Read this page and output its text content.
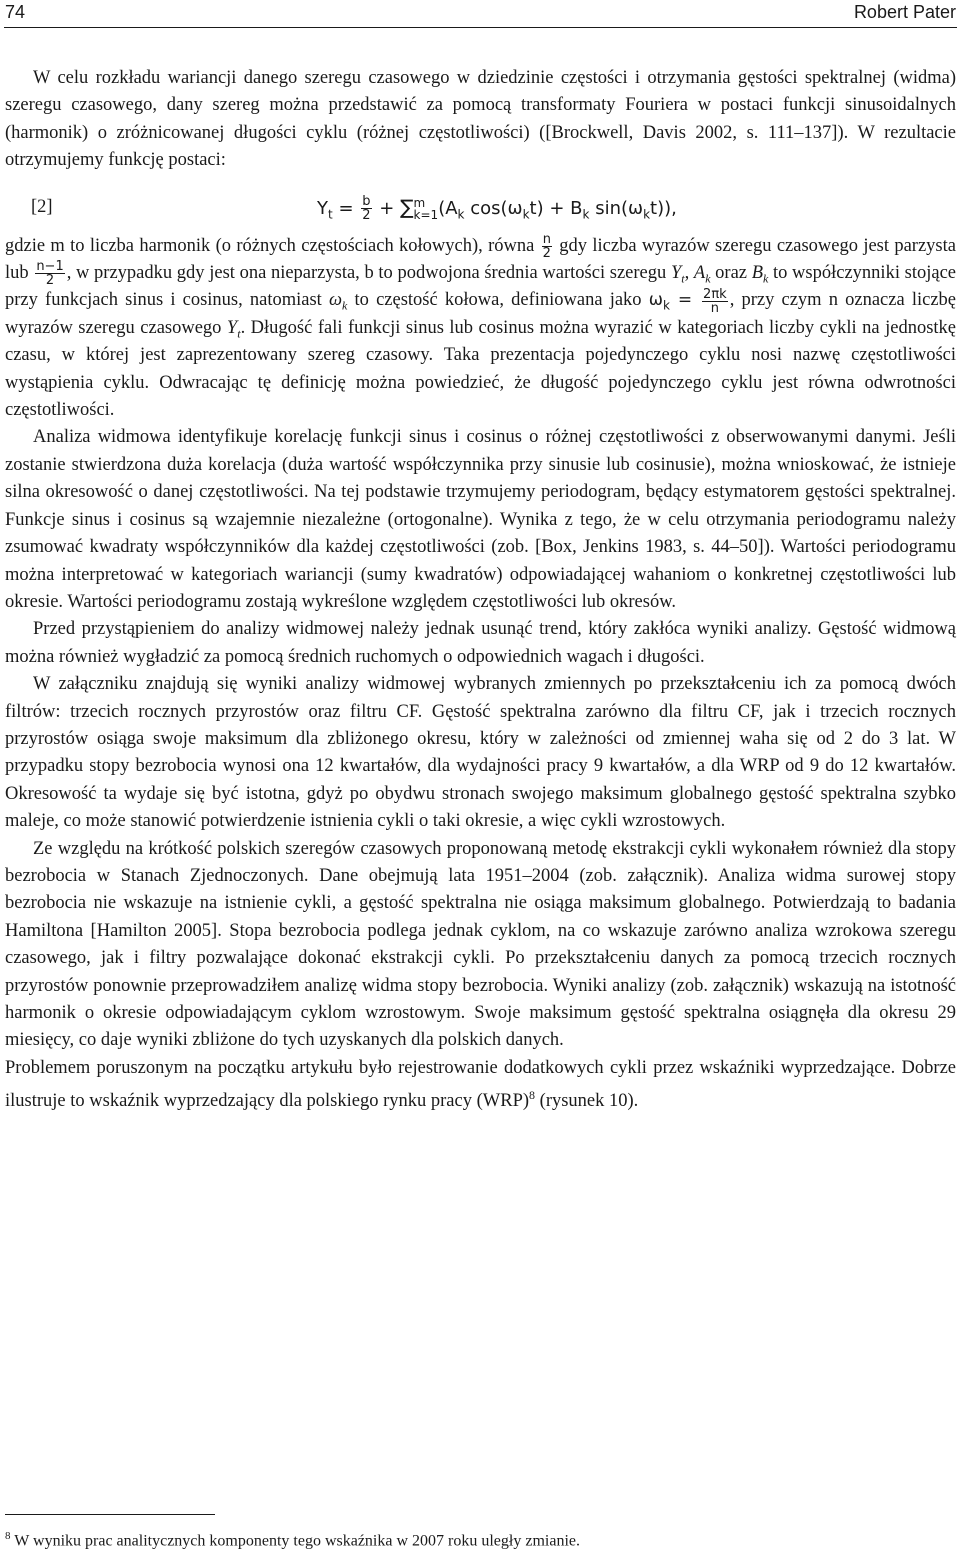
74	Robert Pater

W celu rozkładu wariancji danego szeregu czasowego w dziedzinie częstości i otrzymania gęstości spektralnej (widma) szeregu czasowego, dany szereg można przedstawić za pomocą transformaty Fouriera w postaci funkcji sinusoidalnych (harmonik) o zróżnicowanej długości cyklu (różnej częstotliwości) ([Brockwell, Davis 2002, s. 111–137]). W rezultacie otrzymujemy funkcję postaci:

[2]	$Y_t = \frac{b}{2}$ + ∑ m
k=1 ($A_k$ $\cos(\omega_kt) + B_k$ $\sin(\omega_kt)$),

gdzie m to liczba harmonik (o różnych częstościach kołowych), równa $\frac{n}{2}$ gdy liczba wyrazów szeregu czasowego jest parzysta lub $\frac{n-1}{2}$ , w przypadku gdy jest ona nieparzysta, b to podwojona średnia wartości szeregu $Y_t$, $A_k$ oraz $B_k$ to współczynniki stojące przy funkcjach sinus i cosinus, natomiast $\omega_k$ to częstość kołowa, definiowana jako $\omega_k = \frac{2\pi k}{n}$ , przy czym n oznacza liczbę wyrazów szeregu czasowego $Y_t$. Długość fali funkcji sinus lub cosinus można wyrazić w kategoriach liczby cykli na jednostkę czasu, w której jest zaprezentowany szereg czasowy. Taka prezentacja pojedynczego cyklu nosi nazwę częstotliwości wystąpienia cyklu. Odwracając tę definicję można powiedzieć, że długość pojedynczego cyklu jest równa odwrotności częstotliwości.

Analiza widmowa identyfikuje korelację funkcji sinus i cosinus o różnej częstotliwości z obserwowanymi danymi. Jeśli zostanie stwierdzona duża korelacja (duża wartość współczynnika przy sinusie lub cosinusie), można wnioskować, że istnieje silna okresowość o danej częstotliwości. Na tej podstawie trzymujemy periodogram, będący estymatorem gęstości spektralnej. Funkcje sinus i cosinus są wzajemnie niezależne (ortogonalne). Wynika z tego, że w celu otrzymania periodogramu należy zsumować kwadraty współczynników dla każdej częstotliwości (zob. [Box, Jenkins 1983, s. 44–50]). Wartości periodogramu można interpretować w kategoriach wariancji (sumy kwadratów) odpowiadającej wahaniom o konkretnej częstotliwości lub okresie. Wartości periodogramu zostają wykreślone względem częstotliwości lub okresów.

Przed przystąpieniem do analizy widmowej należy jednak usunąć trend, który zakłóca wyniki analizy. Gęstość widmową można również wygładzić za pomocą średnich ruchomych o odpowiednich wagach i długości.

W załączniku znajdują się wyniki analizy widmowej wybranych zmiennych po przekształceniu ich za pomocą dwóch filtrów: trzecich rocznych przyrostów oraz filtru CF. Gęstość spektralna zarówno dla filtru CF, jak i trzecich rocznych przyrostów osiąga swoje maksimum dla zbliżonego okresu, który w zależności od zmiennej waha się od 2 do 3 lat. W przypadku stopy bezrobocia wynosi ona 12 kwartałów, dla wydajności pracy 9 kwartałów, a dla WRP od 9 do 12 kwartałów. Okresowość ta wydaje się być istotna, gdyż po obydwu stronach swojego maksimum globalnego gęstość spektralna szybko maleje, co może stanowić potwierdzenie istnienia cykli o taki okresie, a więc cykli wzrostowych.

Ze względu na krótkość polskich szeregów czasowych proponowaną metodę ekstrakcji cykli wykonałem również dla stopy bezrobocia w Stanach Zjednoczonych. Dane obejmują lata 1951–2004 (zob. załącznik). Analiza widma surowej stopy bezrobocia nie wskazuje na istnienie cykli, a gęstość spektralna nie osiąga maksimum globalnego. Potwierdzają to badania Hamiltona [Hamilton 2005]. Stopa bezrobocia podlega jednak cyklom, na co wskazuje zarówno analiza wzrokowa szeregu czasowego, jak i filtry pozwalające dokonać ekstrakcji cykli. Po przekształceniu danych za pomocą trzecich rocznych przyrostów ponownie przeprowadziłem analizę widma stopy bezrobocia. Wyniki analizy (zob. załącznik) wskazują na istotność harmonik o okresie odpowiadającym cyklom wzrostowym. Swoje maksimum gęstość spektralna osiągnęła dla okresu 29 miesięcy, co daje wyniki zbliżone do tych uzyskanych dla polskich danych.

Problemem poruszonym na początku artykułu było rejestrowanie dodatkowych cykli przez wskaźniki wyprzedzające. Dobrze ilustruje to wskaźnik wyprzedzający dla polskiego rynku pracy (WRP)$^8$ (rysunek 10).

$^8$ W wyniku prac analitycznych komponenty tego wskaźnika w 2007 roku uległy zmianie.
